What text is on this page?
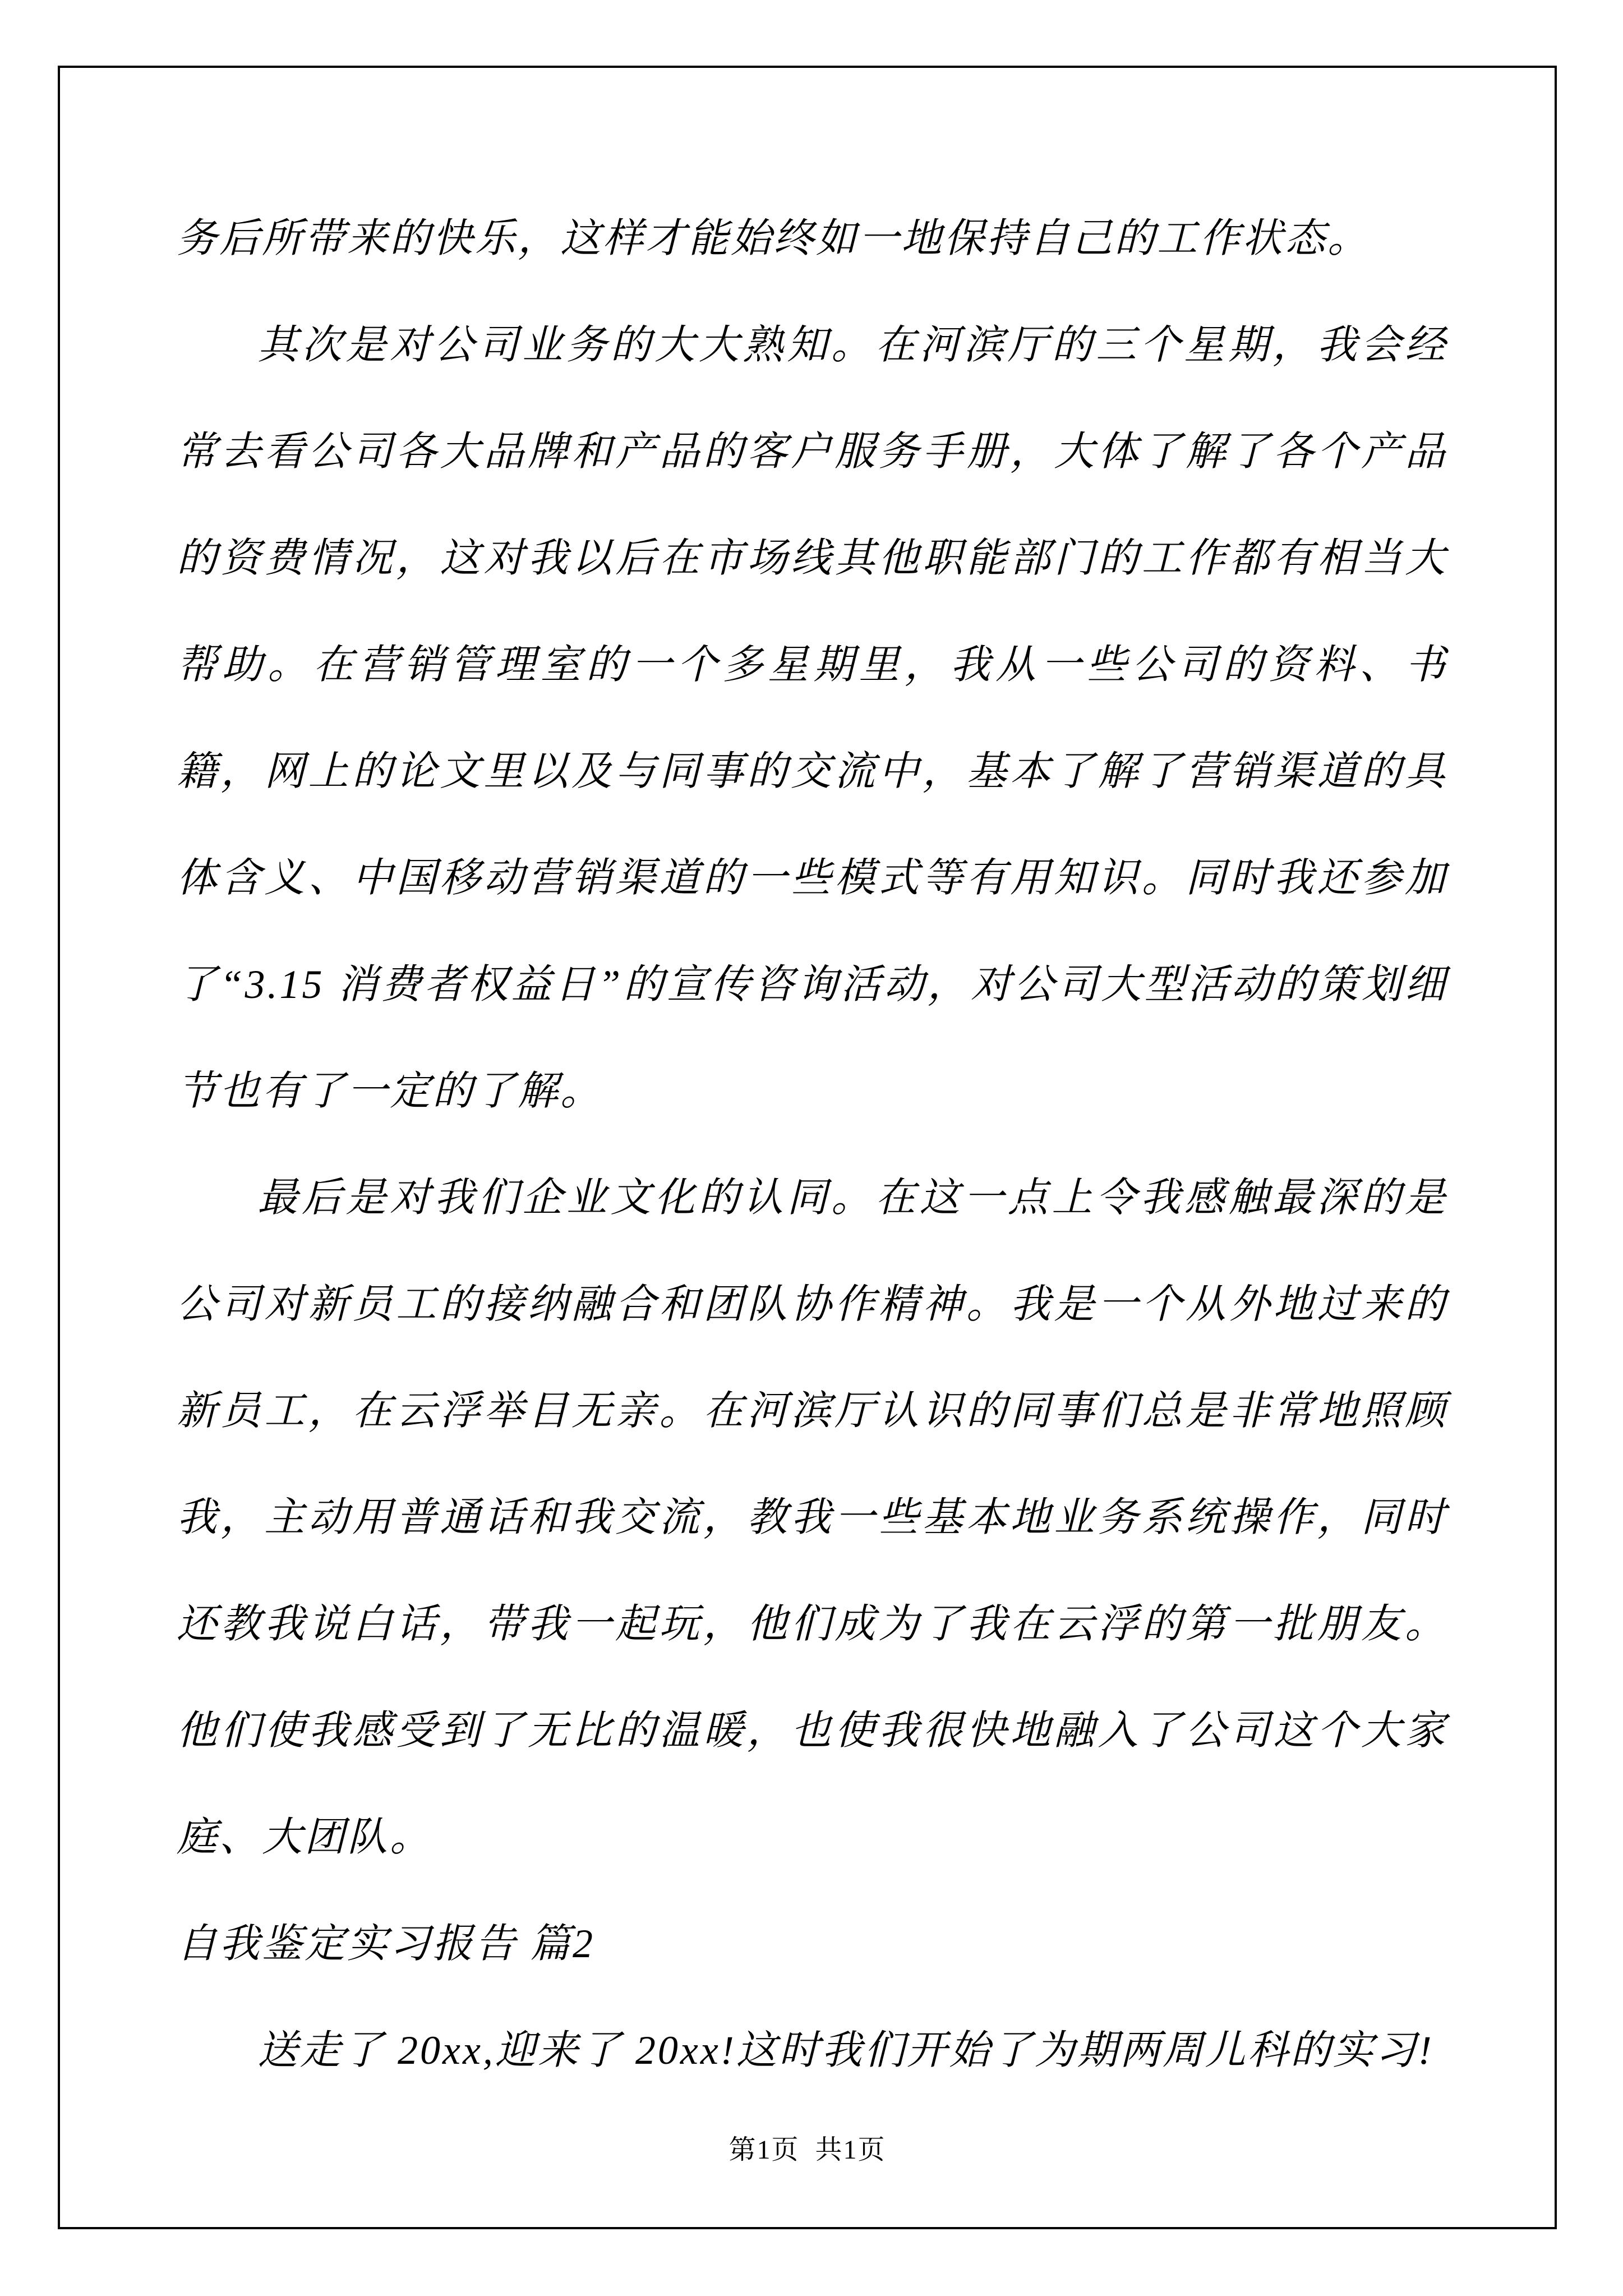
务后所带来的快乐，这样才能始终如一地保持自己的工作状态。

其次是对公司业务的大大熟知。在河滨厅的三个星期，我会经常去看公司各大品牌和产品的客户服务手册，大体了解了各个产品的资费情况，这对我以后在市场线其他职能部门的工作都有相当大帮助。在营销管理室的一个多星期里，我从一些公司的资料、书籍，网上的论文里以及与同事的交流中，基本了解了营销渠道的具体含义、中国移动营销渠道的一些模式等有用知识。同时我还参加了“3.15 消费者权益日”的宣传咨询活动，对公司大型活动的策划细节也有了一定的了解。

最后是对我们企业文化的认同。在这一点上令我感触最深的是公司对新员工的接纳融合和团队协作精神。我是一个从外地过来的新员工，在云浮举目无亲。在河滨厅认识的同事们总是非常地照顾我，主动用普通话和我交流，教我一些基本地业务系统操作，同时还教我说白话，带我一起玩，他们成为了我在云浮的第一批朋友。他们使我感受到了无比的温暖，也使我很快地融入了公司这个大家庭、大团队。

自我鉴定实习报告 篇2

送走了 20xx,迎来了 20xx!这时我们开始了为期两周儿科的实习!

第1页  共1页
